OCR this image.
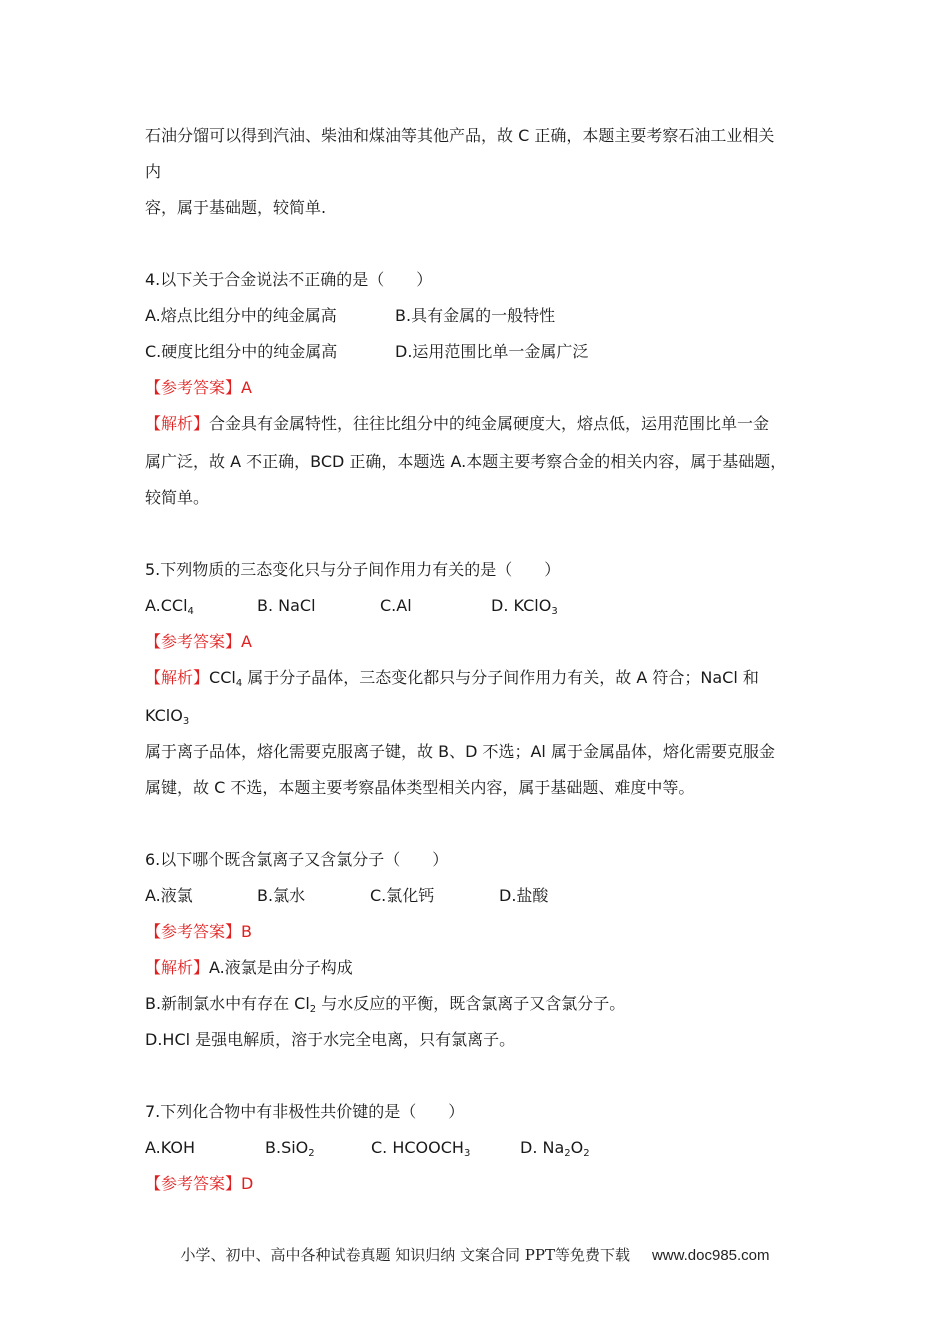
石油分馏可以得到汽油、柴油和煤油等其他产品，故 C 正确，本题主要考察石油工业相关
内
容，属于基础题，较简单.
4.以下关于合金说法不正确的是（　　）
A.熔点比组分中的纯金属高	B.具有金属的一般特性
C.硬度比组分中的纯金属高	D.运用范围比单一金属广泛
【参考答案】A
【解析】合金具有金属特性，往往比组分中的纯金属硬度大，熔点低，运用范围比单一金
属广泛，故 A 不正确，BCD 正确，本题选 A.本题主要考察合金的相关内容，属于基础题，
较简单。
5.下列物质的三态变化只与分子间作用力有关的是（　　）
A.CCl$_4$	B. NaCl	C.Al	D. KClO$_3$
【参考答案】A
【解析】CCl$_4$ 属于分子晶体，三态变化都只与分子间作用力有关，故 A 符合；NaCl 和
KClO$_3$
属于离子品体，熔化需要克服离子键，故 B、D 不选；Al 属于金属晶体，熔化需要克服金
属键，故 C 不选，本题主要考察晶体类型相关内容，属于基础题、难度中等。
6.以下哪个既含氯离子又含氯分子（　　）
A.液氯	B.氯水	C.氯化钙	D.盐酸
【参考答案】B
【解析】A.液氯是由分子构成
B.新制氯水中有存在 $Cl_2$ 与水反应的平衡，既含氯离子又含氯分子。
D.HCl 是强电解质，溶于水完全电离，只有氯离子。
7.下列化合物中有非极性共价键的是（　　）
A.KOH	B.SiO$_2$	C. $HCOOCH_3$	D. $Na_2O_2$
【参考答案】D
小学、初中、高中各种试卷真题 知识归纳 文案合同 PPT等免费下载 www.doc985.com
